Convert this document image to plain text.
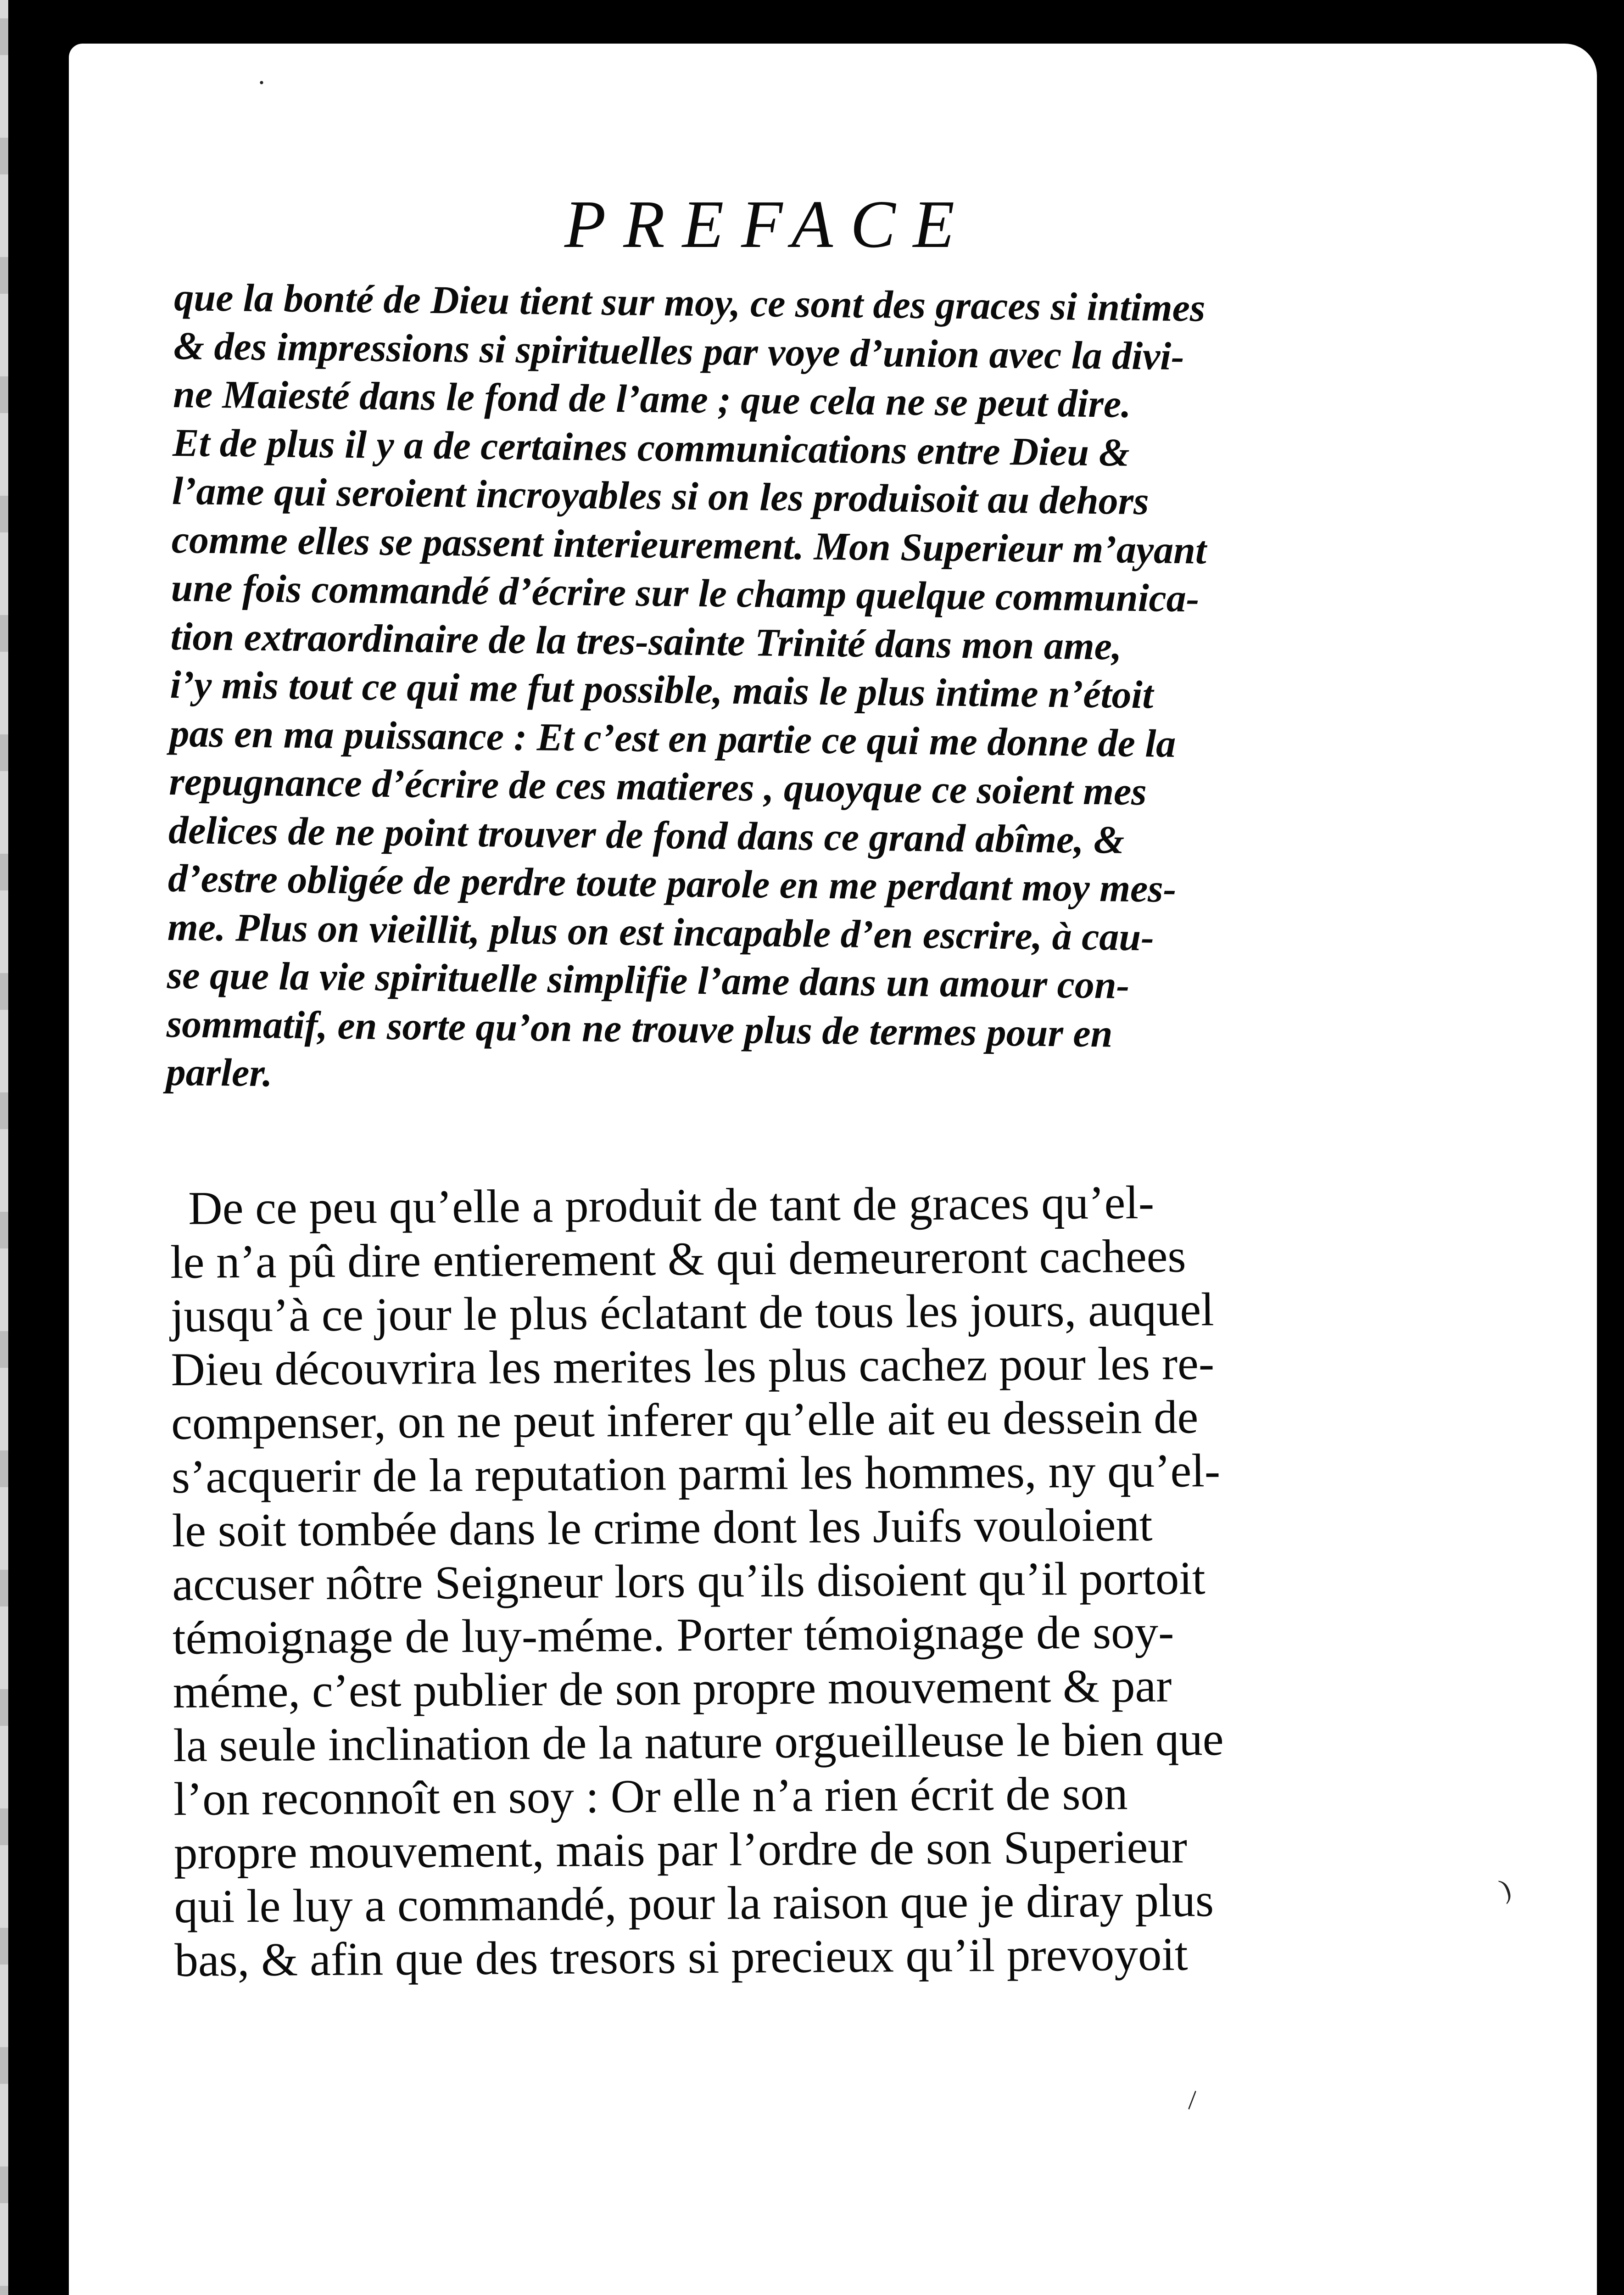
PREFACE
que la bonté de Dieu tient sur moy, ce sont des graces si intimes
& des impressions si spirituelles par voye d’union avec la divi-
ne Maiesté dans le fond de l’ame ; que cela ne se peut dire.
Et de plus il y a de certaines communications entre Dieu &
l’ame qui seroient incroyables si on les produisoit au dehors
comme elles se passent interieurement. Mon Superieur m’ayant
une fois commandé d’écrire sur le champ quelque communica-
tion extraordinaire de la tres-sainte Trinité dans mon ame,
i’y mis tout ce qui me fut possible, mais le plus intime n’étoit
pas en ma puissance : Et c’est en partie ce qui me donne de la
repugnance d’écrire de ces matieres , quoyque ce soient mes
delices de ne point trouver de fond dans ce grand abîme, &
d’estre obligée de perdre toute parole en me perdant moy mes-
me. Plus on vieillit, plus on est incapable d’en escrire, à cau-
se que la vie spirituelle simplifie l’ame dans un amour con-
sommatif, en sorte qu’on ne trouve plus de termes pour en
parler.
De ce peu qu’elle a produit de tant de graces qu’el-
le n’a pû dire entierement & qui demeureront cachees
jusqu’à ce jour le plus éclatant de tous les jours, auquel
Dieu découvrira les merites les plus cachez pour les re-
compenser, on ne peut inferer qu’elle ait eu dessein de
s’acquerir de la reputation parmi les hommes, ny qu’el-
le soit tombée dans le crime dont les Juifs vouloient
accuser nôtre Seigneur lors qu’ils disoient qu’il portoit
témoignage de luy-méme. Porter témoignage de soy-
méme, c’est publier de son propre mouvement & par
la seule inclination de la nature orgueilleuse le bien que
l’on reconnoît en soy : Or elle n’a rien écrit de son
propre mouvement, mais par l’ordre de son Superieur
qui le luy a commandé, pour la raison que je diray plus
bas, & afin que des tresors si precieux qu’il prevoyoit
·
)
\
